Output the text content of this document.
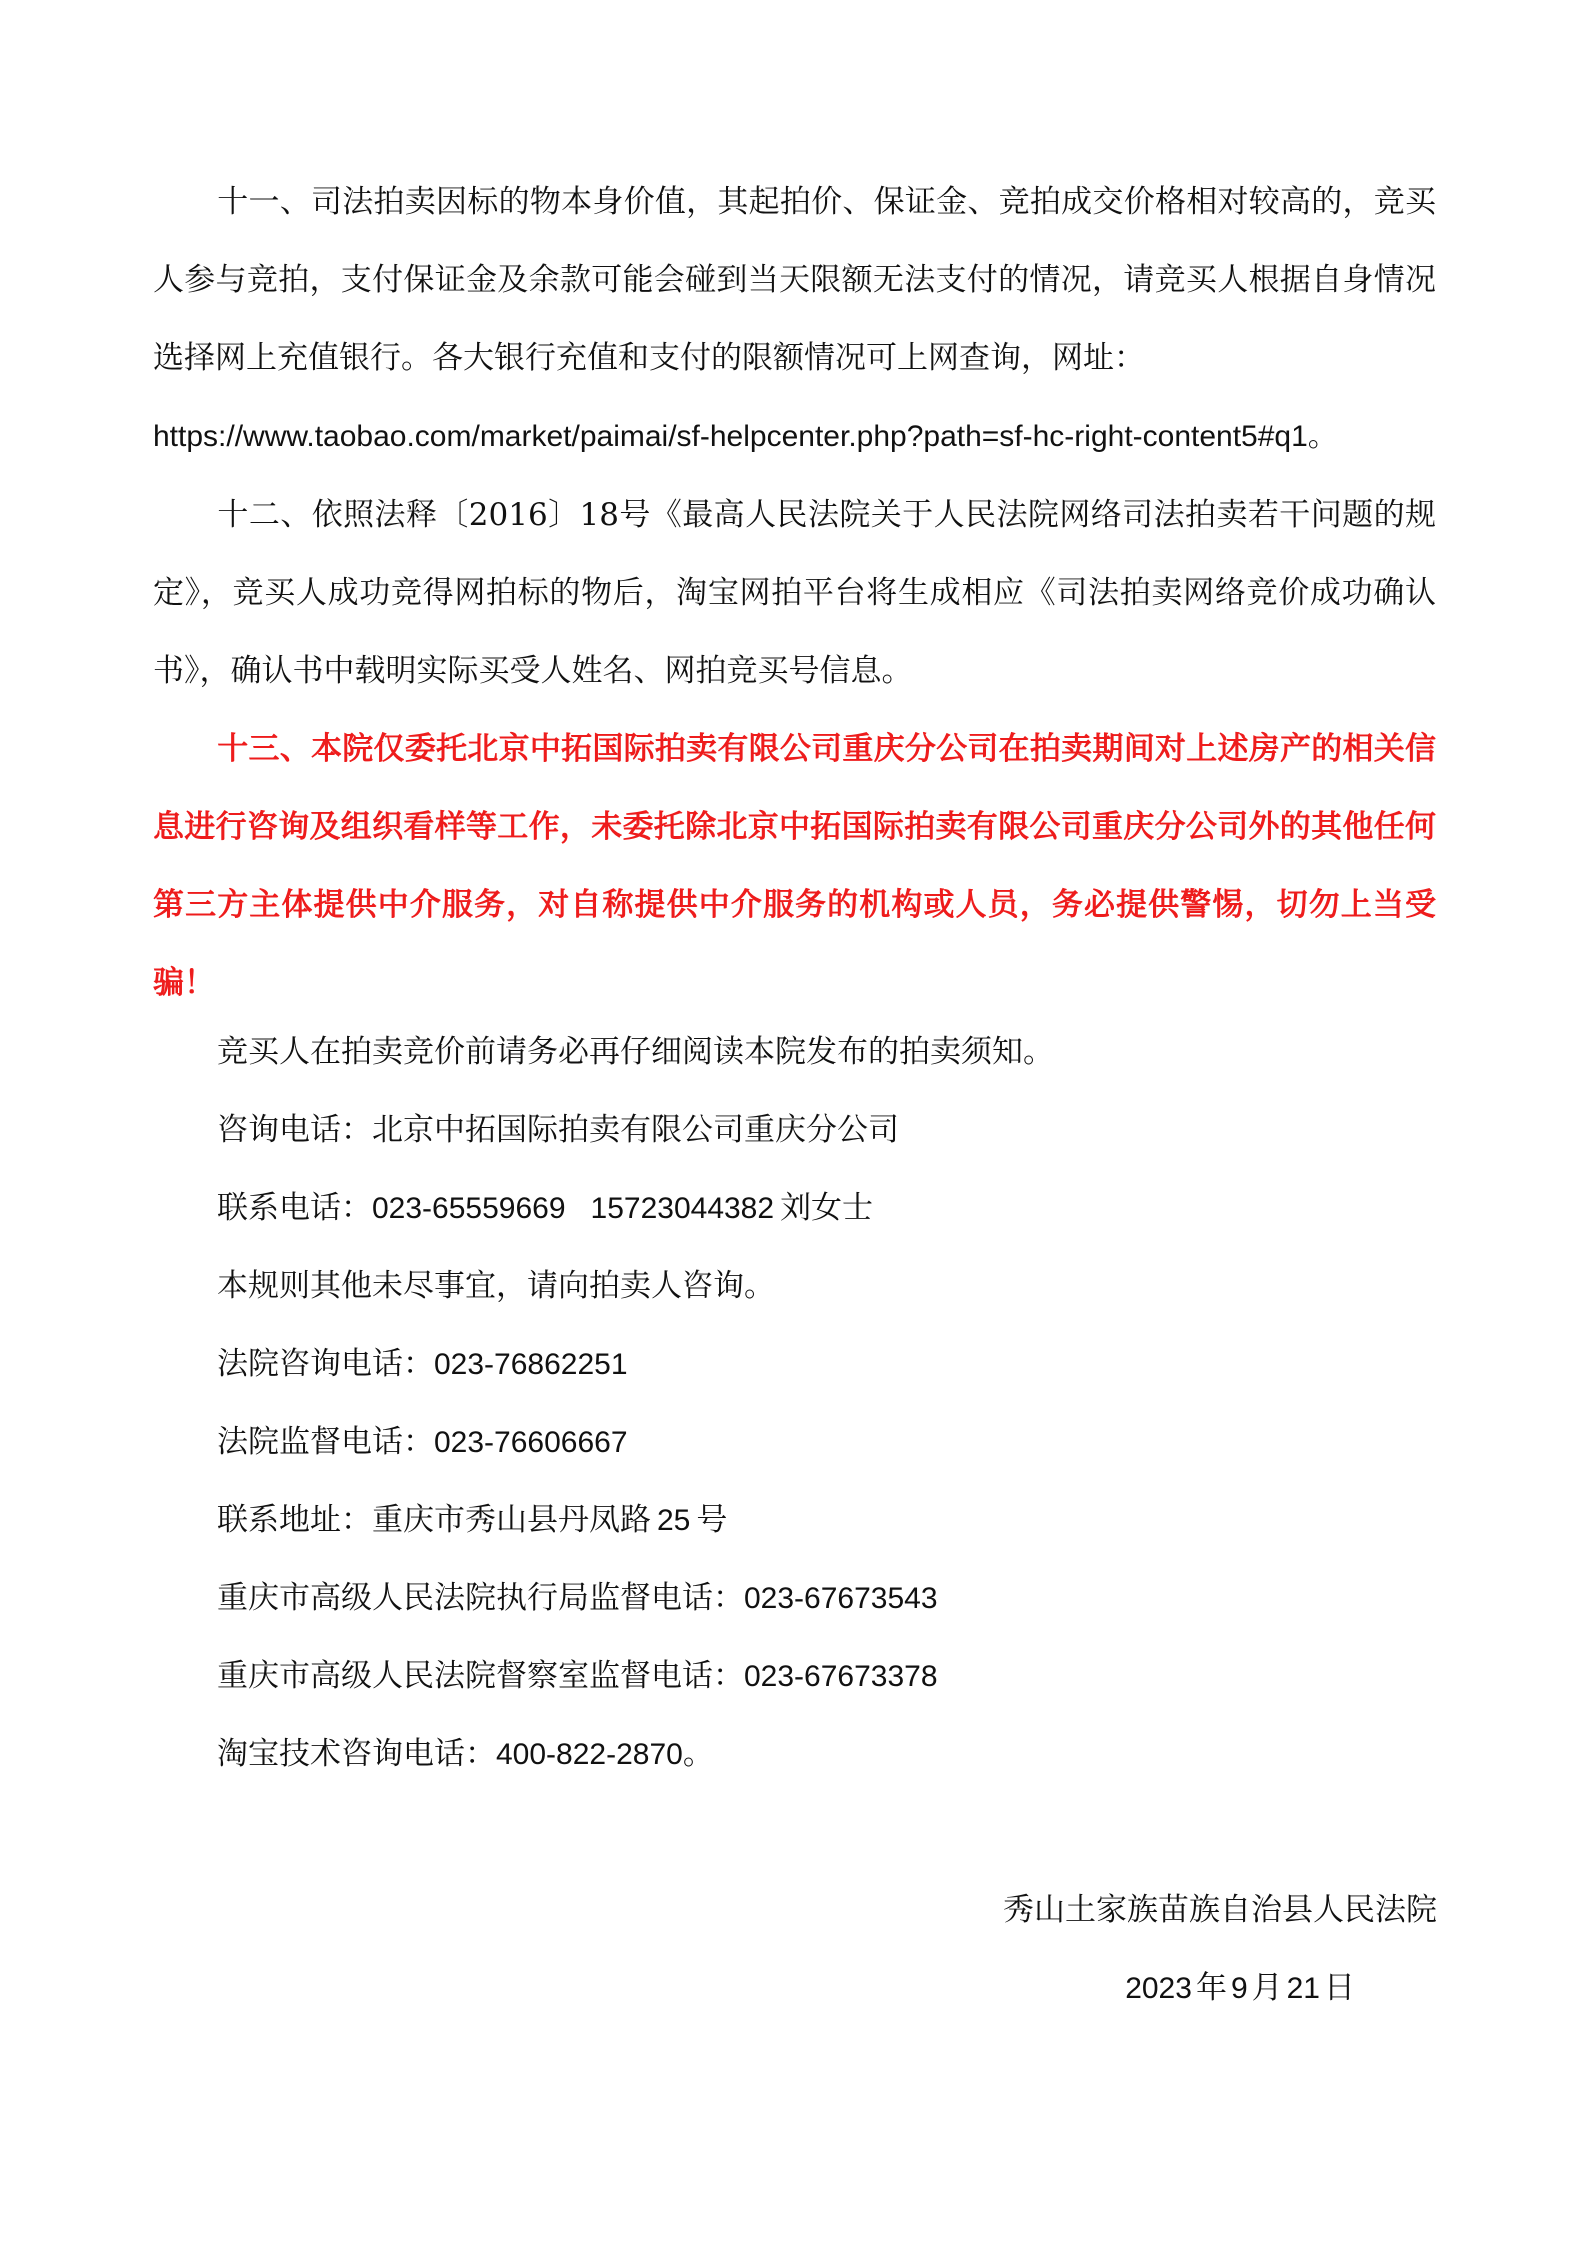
十一、司法拍卖因标的物本身价值，其起拍价、保证金、竞拍成交价格相对较高的，竞买人参与竞拍，支付保证金及余款可能会碰到当天限额无法支付的情况，请竞买人根据自身情况选择网上充值银行。各大银行充值和支付的限额情况可上网查询，网址：

https://www.taobao.com/market/paimai/sf-helpcenter.php?path=sf-hc-right-content5#q1。

十二、依照法释〔2016〕18号《最高人民法院关于人民法院网络司法拍卖若干问题的规定》，竞买人成功竞得网拍标的物后，淘宝网拍平台将生成相应《司法拍卖网络竞价成功确认书》，确认书中载明实际买受人姓名、网拍竞买号信息。

十三、本院仅委托北京中拓国际拍卖有限公司重庆分公司在拍卖期间对上述房产的相关信息进行咨询及组织看样等工作，未委托除北京中拓国际拍卖有限公司重庆分公司外的其他任何第三方主体提供中介服务，对自称提供中介服务的机构或人员，务必提供警惕，切勿上当受骗！

竞买人在拍卖竞价前请务必再仔细阅读本院发布的拍卖须知。

咨询电话：北京中拓国际拍卖有限公司重庆分公司

联系电话：023-65559669   15723044382 刘女士

本规则其他未尽事宜，请向拍卖人咨询。

法院咨询电话：023-76862251

法院监督电话：023-76606667

联系地址：重庆市秀山县丹凤路 25 号

重庆市高级人民法院执行局监督电话：023-67673543

重庆市高级人民法院督察室监督电话：023-67673378

淘宝技术咨询电话：400-822-2870。

秀山土家族苗族自治县人民法院
2023 年 9 月 21 日
